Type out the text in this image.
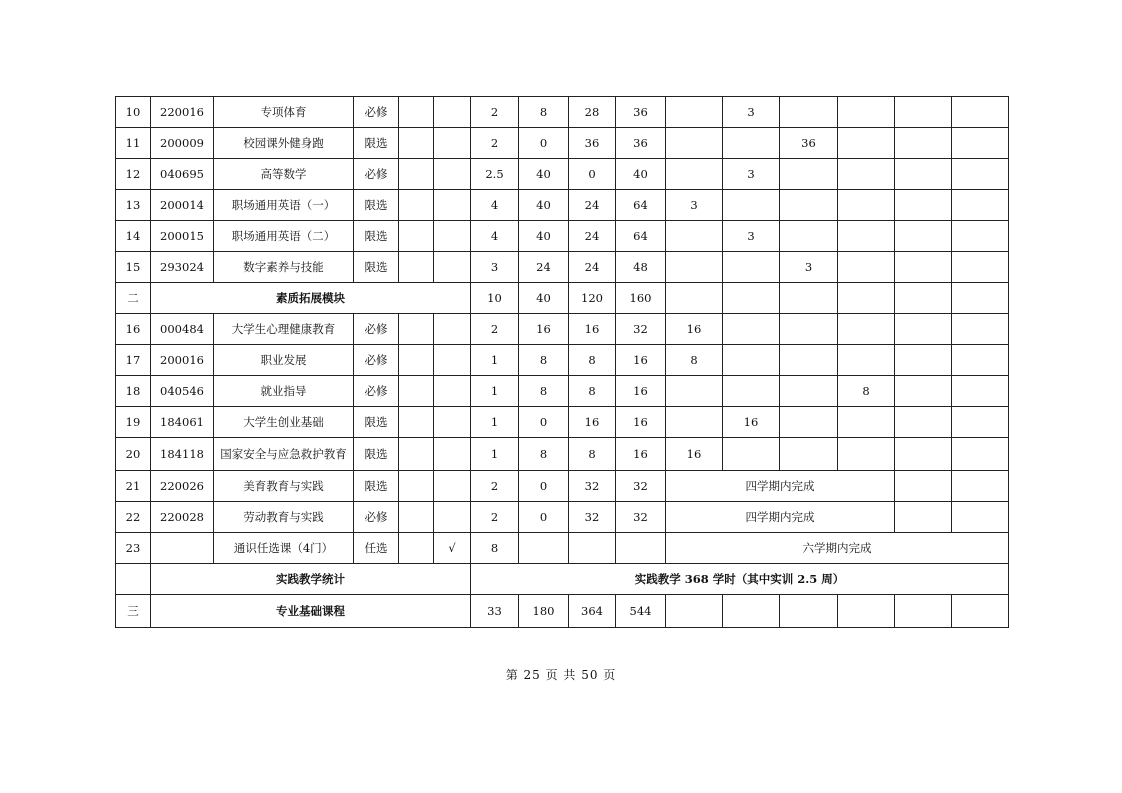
10	220016	专项体育	必修			2	8	28	36		3				
11	200009	校园课外健身跑	限选			2	0	36	36			36			
12	040695	高等数学	必修			2.5	40	0	40		3				
13	200014	职场通用英语（一）	限选			4	40	24	64	3					
14	200015	职场通用英语（二）	限选			4	40	24	64		3				
15	293024	数字素养与技能	限选			3	24	24	48			3			
二	素质拓展模块					10	40	120	160						
16	000484	大学生心理健康教育	必修			2	16	16	32	16					
17	200016	职业发展	必修			1	8	8	16	8					
18	040546	就业指导	必修			1	8	8	16				8		
19	184061	大学生创业基础	限选			1	0	16	16		16				
20	184118	国家安全与应急救护教育	限选			1	8	8	16	16					
21	220026	美育教育与实践	限选			2	0	32	32	四学期内完成					
22	220028	劳动教育与实践	必修			2	0	32	32	四学期内完成					
23		通识任选课（4门）	任选		√	8				六学期内完成					
	实践教学统计					实践教学 368 学时（其中实训 2.5 周）									
三	专业基础课程					33	180	364	544						
第 25 页 共 50 页
